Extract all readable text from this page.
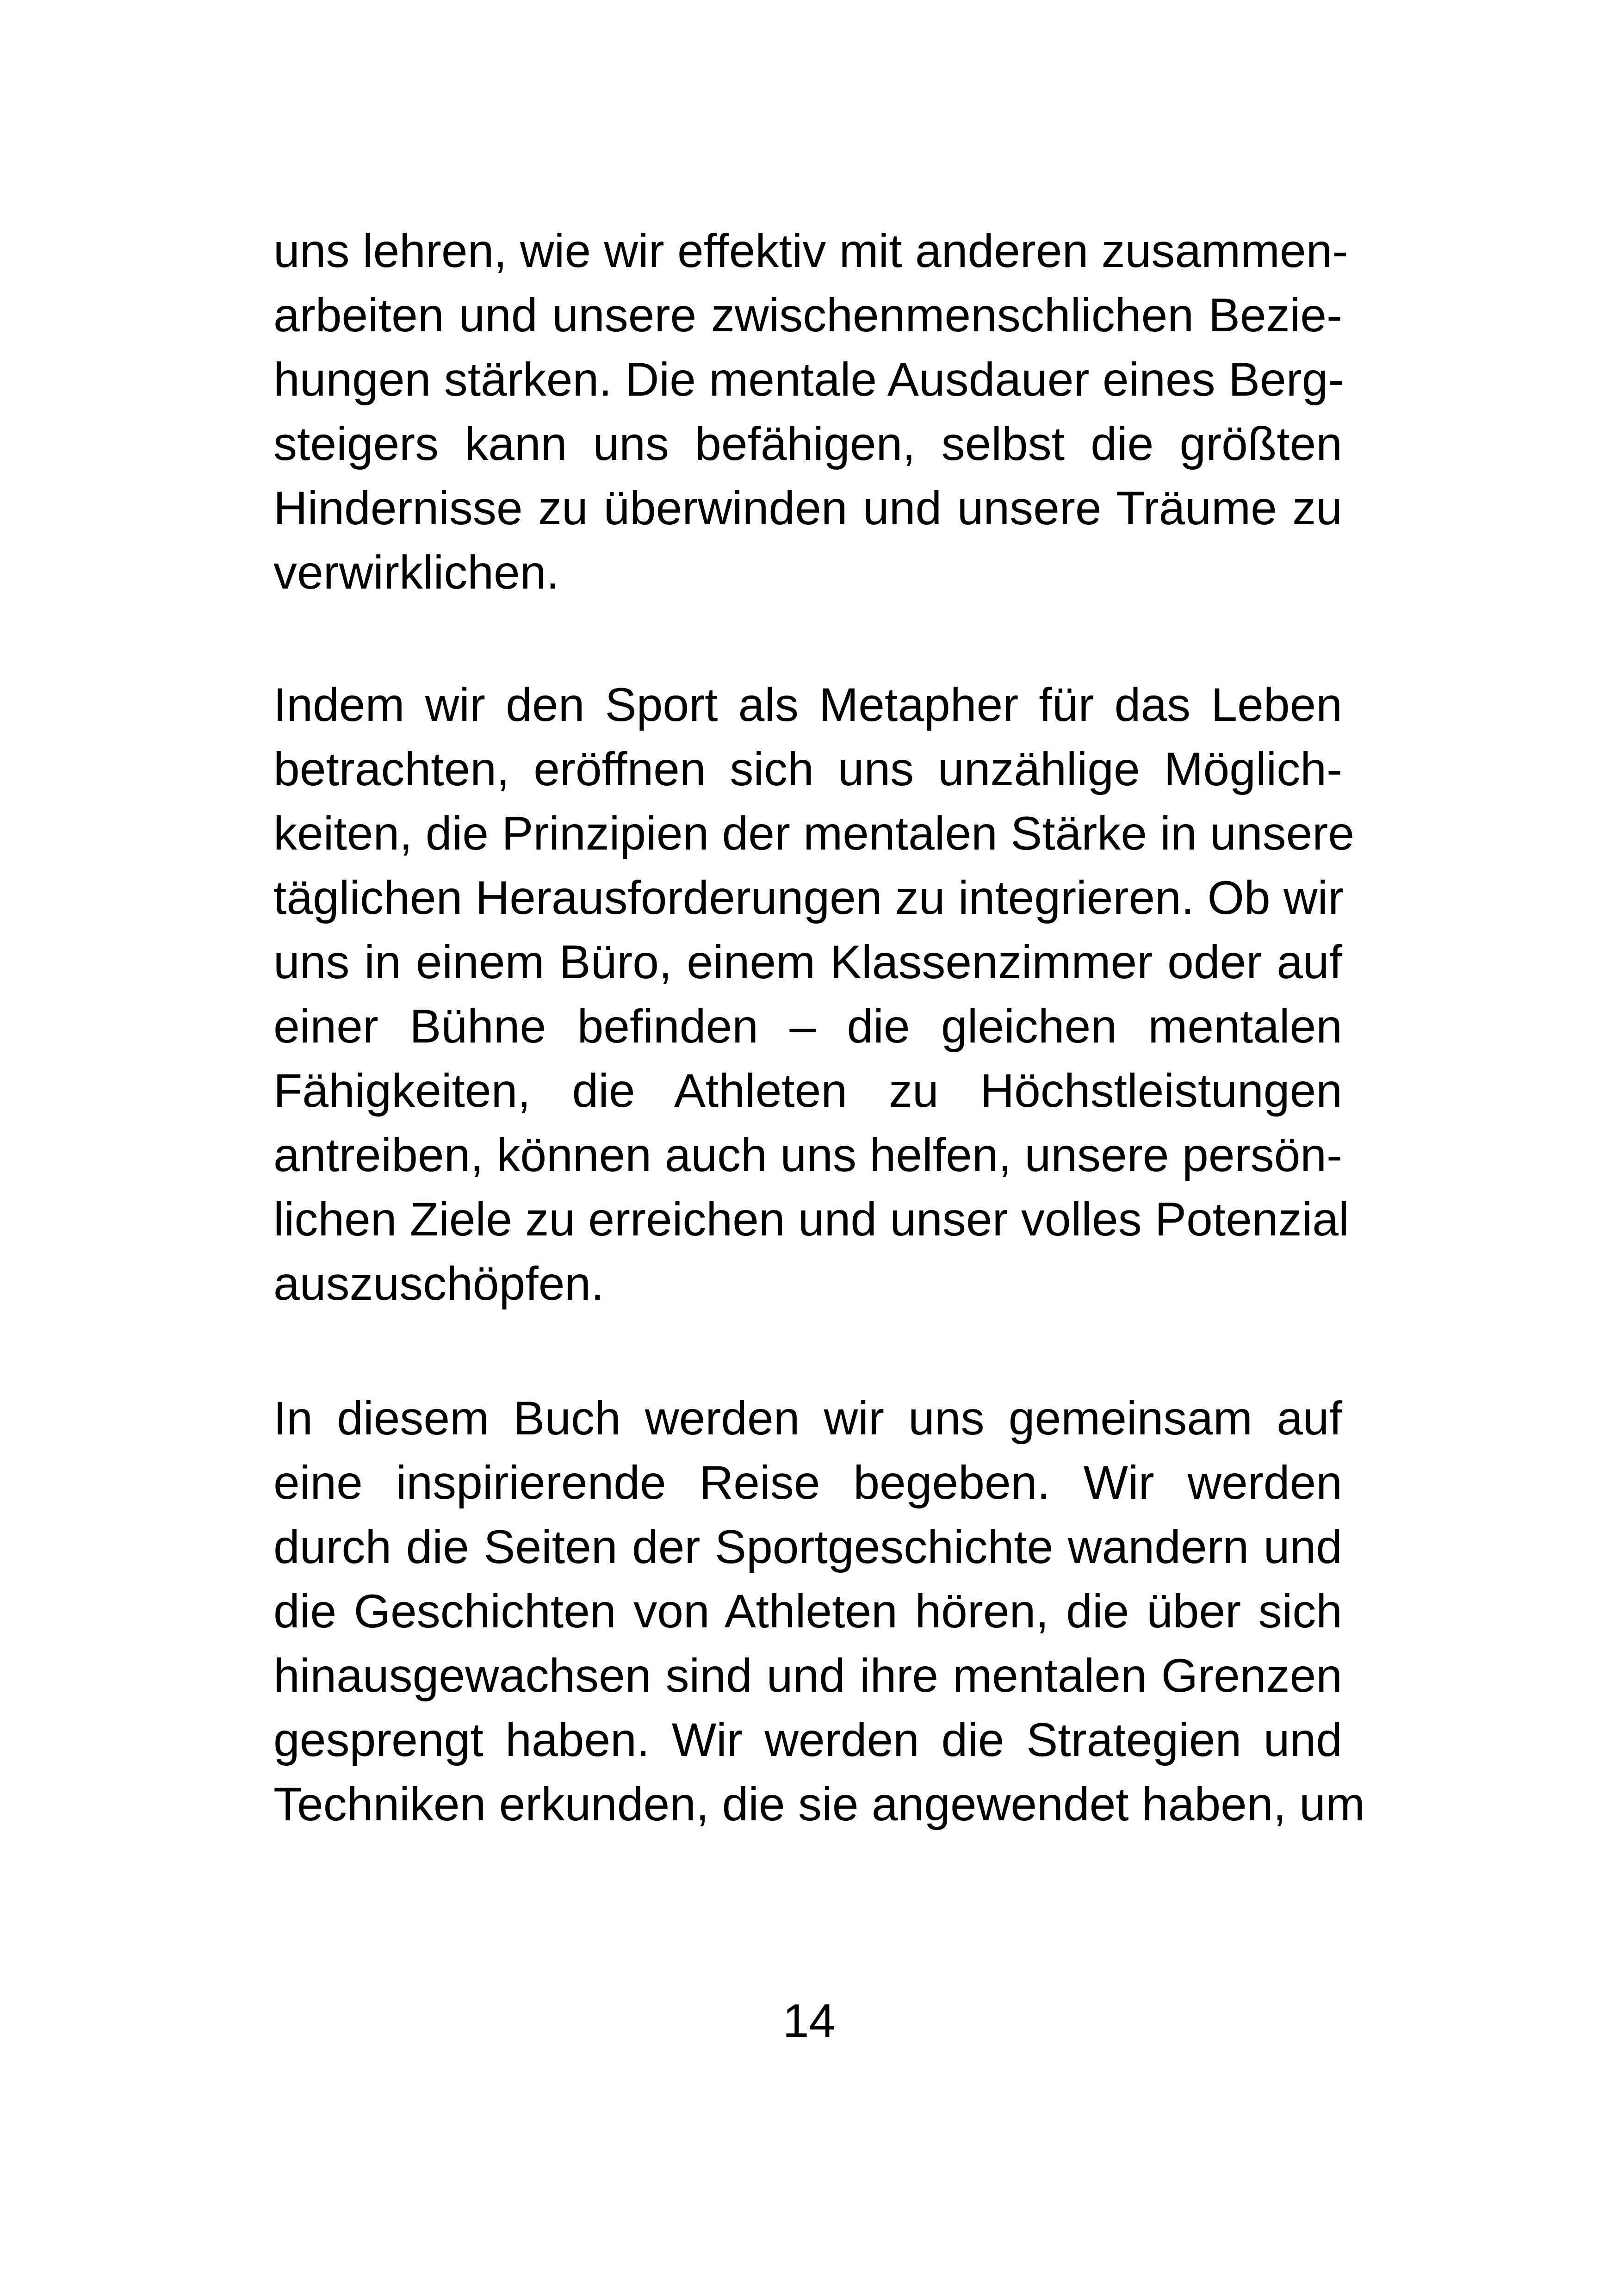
uns lehren, wie wir effektiv mit anderen zusammen-
arbeiten und unsere zwischenmenschlichen Bezie-
hungen stärken. Die mentale Ausdauer eines Berg-
steigers kann uns befähigen, selbst die größten
Hindernisse zu überwinden und unsere Träume zu
verwirklichen.
Indem wir den Sport als Metapher für das Leben
betrachten, eröffnen sich uns unzählige Möglich-
keiten, die Prinzipien der mentalen Stärke in unsere
täglichen Herausforderungen zu integrieren. Ob wir
uns in einem Büro, einem Klassenzimmer oder auf
einer Bühne befinden – die gleichen mentalen
Fähigkeiten, die Athleten zu Höchstleistungen
antreiben, können auch uns helfen, unsere persön-
lichen Ziele zu erreichen und unser volles Potenzial
auszuschöpfen.
In diesem Buch werden wir uns gemeinsam auf
eine inspirierende Reise begeben. Wir werden
durch die Seiten der Sportgeschichte wandern und
die Geschichten von Athleten hören, die über sich
hinausgewachsen sind und ihre mentalen Grenzen
gesprengt haben. Wir werden die Strategien und
Techniken erkunden, die sie angewendet haben, um
14
